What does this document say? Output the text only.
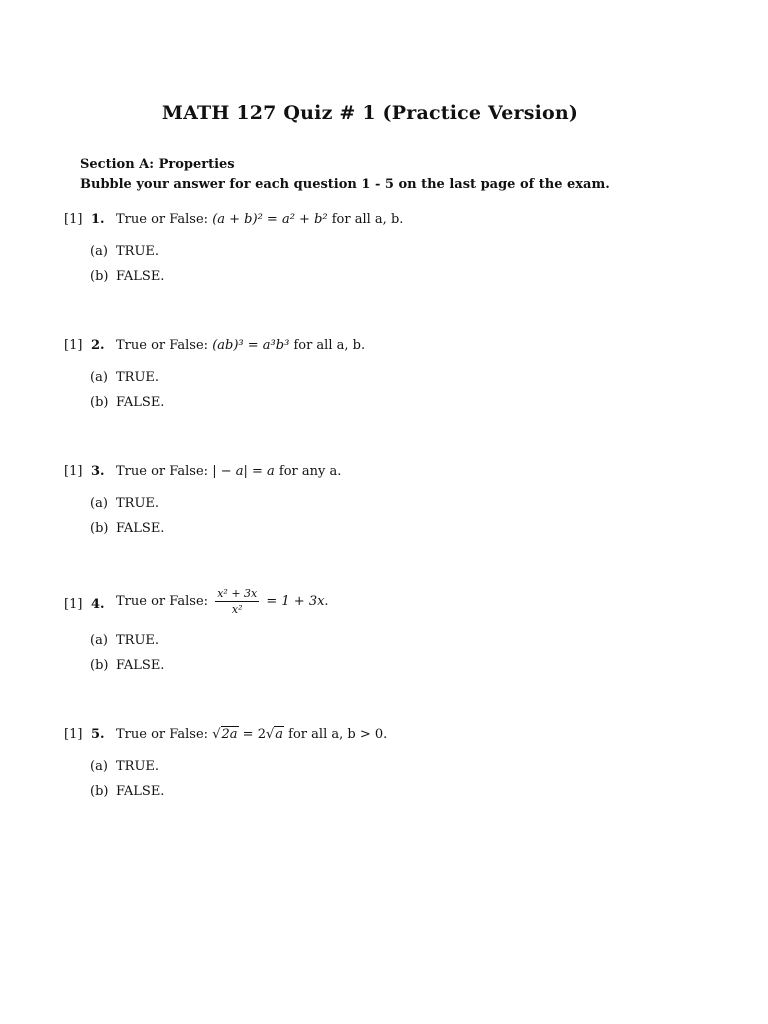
MATH 127 Quiz # 1 (Practice Version)
Section A: Properties
Bubble your answer for each question 1 - 5 on the last page of the exam.
[1] 1. True or False: (a + b)² = a² + b² for all a, b.
(a) TRUE.
(b) FALSE.
[1] 2. True or False: (ab)³ = a³b³ for all a, b.
(a) TRUE.
(b) FALSE.
[1] 3. True or False: | − a| = a for any a.
(a) TRUE.
(b) FALSE.
[1] 4. True or False: $\frac{\text{x² + 3x}}{\text{x²}} = 1 + 3x$.
(a) TRUE.
(b) FALSE.
[1] 5. True or False: √2a = 2√a for all a, b > 0.
(a) TRUE.
(b) FALSE.
